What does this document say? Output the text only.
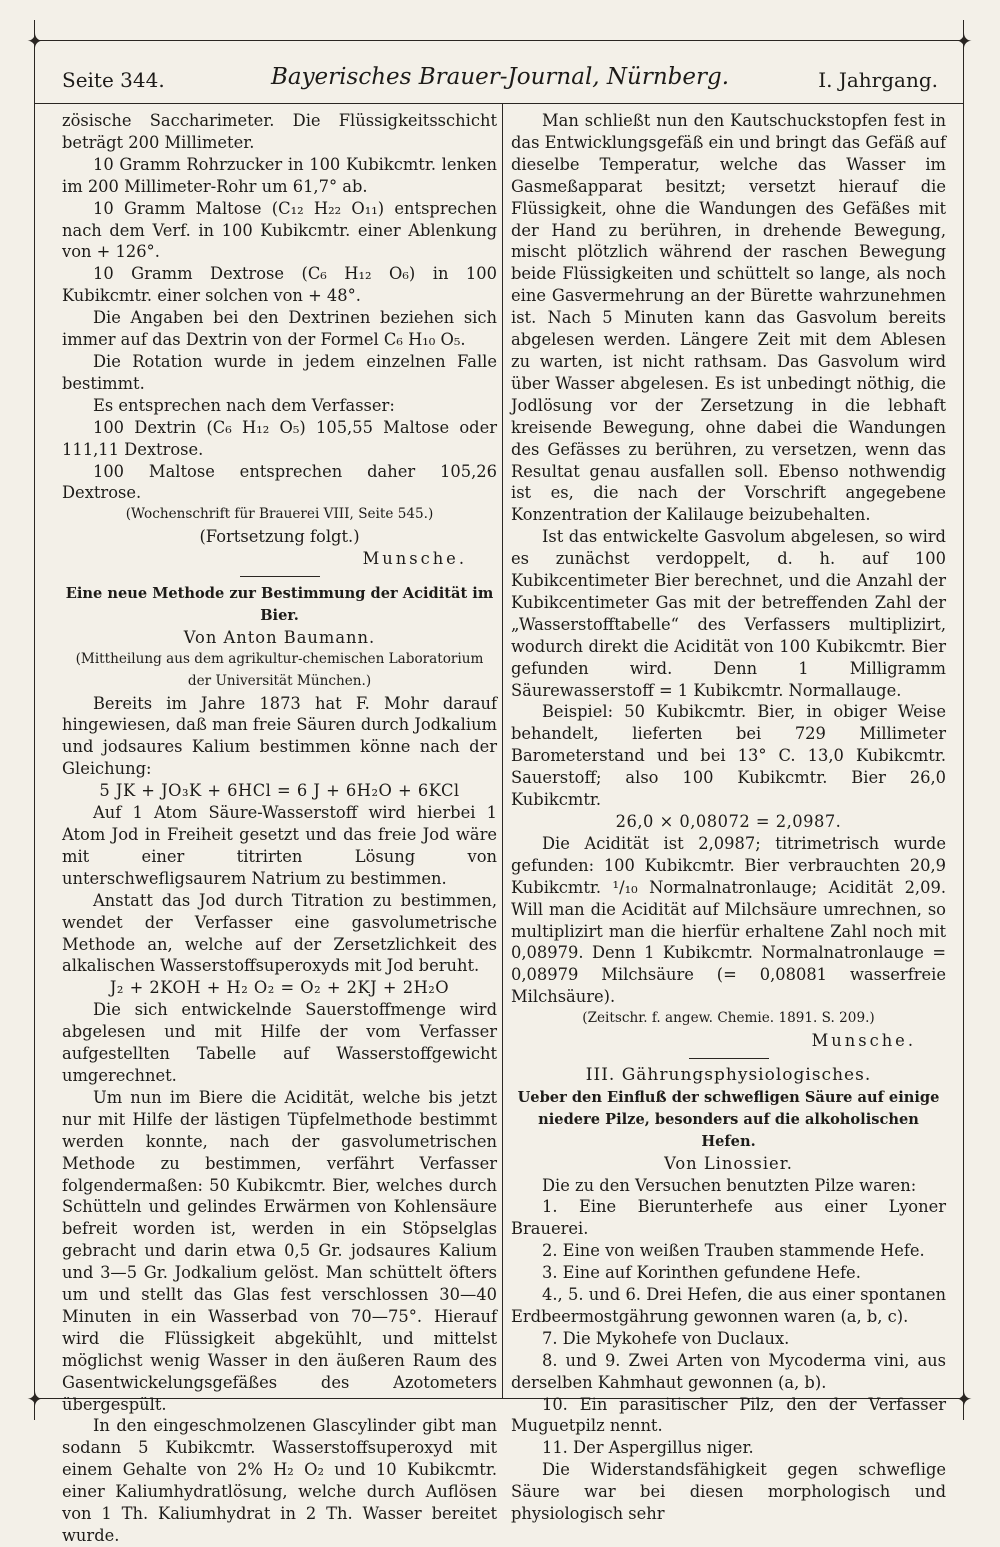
✦	✦
✦	✦
Seite 344.	Bayerisches Brauer-Journal, Nürnberg.	I. Jahrgang.

zösische Saccharimeter. Die Flüssigkeitsschicht beträgt 200 Millimeter.

10 Gramm Rohrzucker in 100 Kubikcmtr. lenken im 200 Millimeter-Rohr um 61,7° ab.

10 Gramm Maltose (C₁₂ H₂₂ O₁₁) entsprechen nach dem Verf. in 100 Kubikcmtr. einer Ablenkung von + 126°.

10 Gramm Dextrose (C₆ H₁₂ O₆) in 100 Kubikcmtr. einer solchen von + 48°.

Die Angaben bei den Dextrinen beziehen sich immer auf das Dextrin von der Formel C₆ H₁₀ O₅.

Die Rotation wurde in jedem einzelnen Falle bestimmt.

Es entsprechen nach dem Verfasser:

100 Dextrin (C₆ H₁₂ O₅) 105,55 Maltose oder 111,11 Dextrose.

100 Maltose entsprechen daher 105,26 Dextrose.

(Wochenschrift für Brauerei VIII, Seite 545.)

(Fortsetzung folgt.)

Munsche.

Eine neue Methode zur Bestimmung der Acidität im Bier.

Von Anton Baumann.

(Mittheilung aus dem agrikultur-chemischen Laboratorium der Universität München.)

Bereits im Jahre 1873 hat F. Mohr darauf hingewiesen, daß man freie Säuren durch Jodkalium und jodsaures Kalium bestimmen könne nach der Gleichung:

5 JK + JO₃K + 6HCl = 6 J + 6H₂O + 6KCl

Auf 1 Atom Säure-Wasserstoff wird hierbei 1 Atom Jod in Freiheit gesetzt und das freie Jod wäre mit einer titrirten Lösung von unterschwefligsaurem Natrium zu bestimmen.

Anstatt das Jod durch Titration zu bestimmen, wendet der Verfasser eine gasvolumetrische Methode an, welche auf der Zersetzlichkeit des alkalischen Wasserstoffsuperoxyds mit Jod beruht.

J₂ + 2KOH + H₂ O₂ = O₂ + 2KJ + 2H₂O

Die sich entwickelnde Sauerstoffmenge wird abgelesen und mit Hilfe der vom Verfasser aufgestellten Tabelle auf Wasserstoffgewicht umgerechnet.

Um nun im Biere die Acidität, welche bis jetzt nur mit Hilfe der lästigen Tüpfelmethode bestimmt werden konnte, nach der gasvolumetrischen Methode zu bestimmen, verfährt Verfasser folgendermaßen: 50 Kubikcmtr. Bier, welches durch Schütteln und gelindes Erwärmen von Kohlensäure befreit worden ist, werden in ein Stöpselglas gebracht und darin etwa 0,5 Gr. jodsaures Kalium und 3—5 Gr. Jodkalium gelöst. Man schüttelt öfters um und stellt das Glas fest verschlossen 30—40 Minuten in ein Wasserbad von 70—75°. Hierauf wird die Flüssigkeit abgekühlt, und mittelst möglichst wenig Wasser in den äußeren Raum des Gasentwickelungsgefäßes des Azotometers übergespült.

In den eingeschmolzenen Glascylinder gibt man sodann 5 Kubikcmtr. Wasserstoffsuperoxyd mit einem Gehalte von 2% H₂ O₂ und 10 Kubikcmtr. einer Kaliumhydratlösung, welche durch Auflösen von 1 Th. Kaliumhydrat in 2 Th. Wasser bereitet wurde.

Man schließt nun den Kautschuckstopfen fest in das Entwicklungsgefäß ein und bringt das Gefäß auf dieselbe Temperatur, welche das Wasser im Gasmeßapparat besitzt; versetzt hierauf die Flüssigkeit, ohne die Wandungen des Gefäßes mit der Hand zu berühren, in drehende Bewegung, mischt plötzlich während der raschen Bewegung beide Flüssigkeiten und schüttelt so lange, als noch eine Gasvermehrung an der Bürette wahrzunehmen ist. Nach 5 Minuten kann das Gasvolum bereits abgelesen werden. Längere Zeit mit dem Ablesen zu warten, ist nicht rathsam. Das Gasvolum wird über Wasser abgelesen. Es ist unbedingt nöthig, die Jodlösung vor der Zersetzung in die lebhaft kreisende Bewegung, ohne dabei die Wandungen des Gefässes zu berühren, zu versetzen, wenn das Resultat genau ausfallen soll. Ebenso nothwendig ist es, die nach der Vorschrift angegebene Konzentration der Kalilauge beizubehalten.

Ist das entwickelte Gasvolum abgelesen, so wird es zunächst verdoppelt, d. h. auf 100 Kubikcentimeter Bier berechnet, und die Anzahl der Kubikcentimeter Gas mit der betreffenden Zahl der „Wasserstofftabelle“ des Verfassers multiplizirt, wodurch direkt die Acidität von 100 Kubikcmtr. Bier gefunden wird. Denn 1 Milligramm Säurewasserstoff = 1 Kubikcmtr. Normallauge.

Beispiel: 50 Kubikcmtr. Bier, in obiger Weise behandelt, lieferten bei 729 Millimeter Barometerstand und bei 13° C. 13,0 Kubikcmtr. Sauerstoff; also 100 Kubikcmtr. Bier 26,0 Kubikcmtr.

26,0 × 0,08072 = 2,0987.

Die Acidität ist 2,0987; titrimetrisch wurde gefunden: 100 Kubikcmtr. Bier verbrauchten 20,9 Kubikcmtr. ¹/₁₀ Normalnatronlauge; Acidität 2,09. Will man die Acidität auf Milchsäure umrechnen, so multiplizirt man die hierfür erhaltene Zahl noch mit 0,08979. Denn 1 Kubikcmtr. Normalnatronlauge = 0,08979 Milchsäure (= 0,08081 wasserfreie Milchsäure).

(Zeitschr. f. angew. Chemie. 1891. S. 209.)

Munsche.

III. Gährungsphysiologisches.

Ueber den Einfluß der schwefligen Säure auf einige niedere Pilze, besonders auf die alkoholischen Hefen.

Von Linossier.

Die zu den Versuchen benutzten Pilze waren:

1. Eine Bierunterhefe aus einer Lyoner Brauerei.

2. Eine von weißen Trauben stammende Hefe.

3. Eine auf Korinthen gefundene Hefe.

4., 5. und 6. Drei Hefen, die aus einer spontanen Erdbeermostgährung gewonnen waren (a, b, c).

7. Die Mykohefe von Duclaux.

8. und 9. Zwei Arten von Mycoderma vini, aus derselben Kahmhaut gewonnen (a, b).

10. Ein parasitischer Pilz, den der Verfasser Muguetpilz nennt.

11. Der Aspergillus niger.

Die Widerstandsfähigkeit gegen schweflige Säure war bei diesen morphologisch und physiologisch sehr
